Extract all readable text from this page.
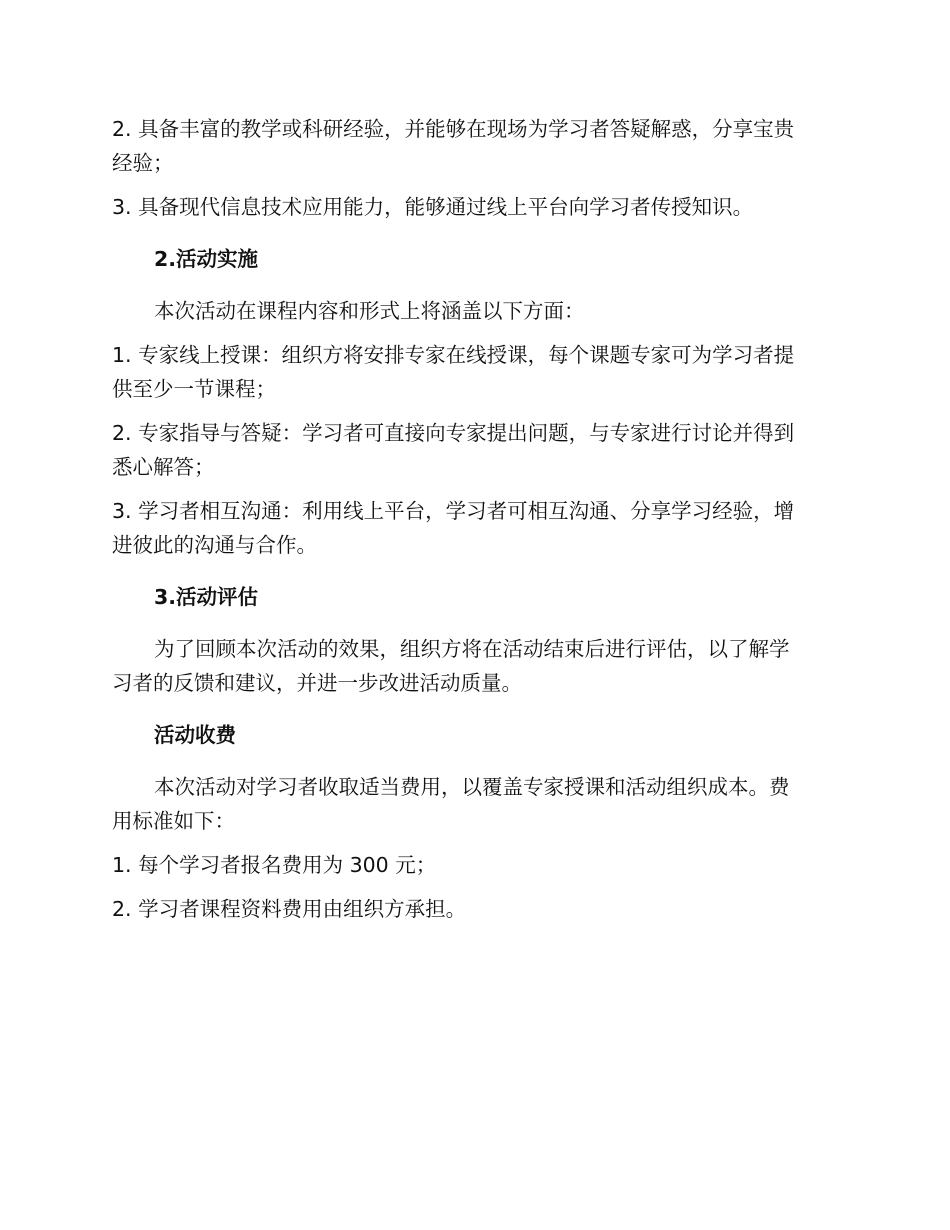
2. 具备丰富的教学或科研经验，并能够在现场为学习者答疑解惑，分享宝贵

经验；

3. 具备现代信息技术应用能力，能够通过线上平台向学习者传授知识。

2.活动实施

本次活动在课程内容和形式上将涵盖以下方面：

1. 专家线上授课：组织方将安排专家在线授课，每个课题专家可为学习者提

供至少一节课程；

2. 专家指导与答疑：学习者可直接向专家提出问题，与专家进行讨论并得到

悉心解答；

3. 学习者相互沟通：利用线上平台，学习者可相互沟通、分享学习经验，增

进彼此的沟通与合作。

3.活动评估

为了回顾本次活动的效果，组织方将在活动结束后进行评估，以了解学

习者的反馈和建议，并进一步改进活动质量。

活动收费

本次活动对学习者收取适当费用，以覆盖专家授课和活动组织成本。费

用标准如下：

1. 每个学习者报名费用为 300 元；

2. 学习者课程资料费用由组织方承担。
